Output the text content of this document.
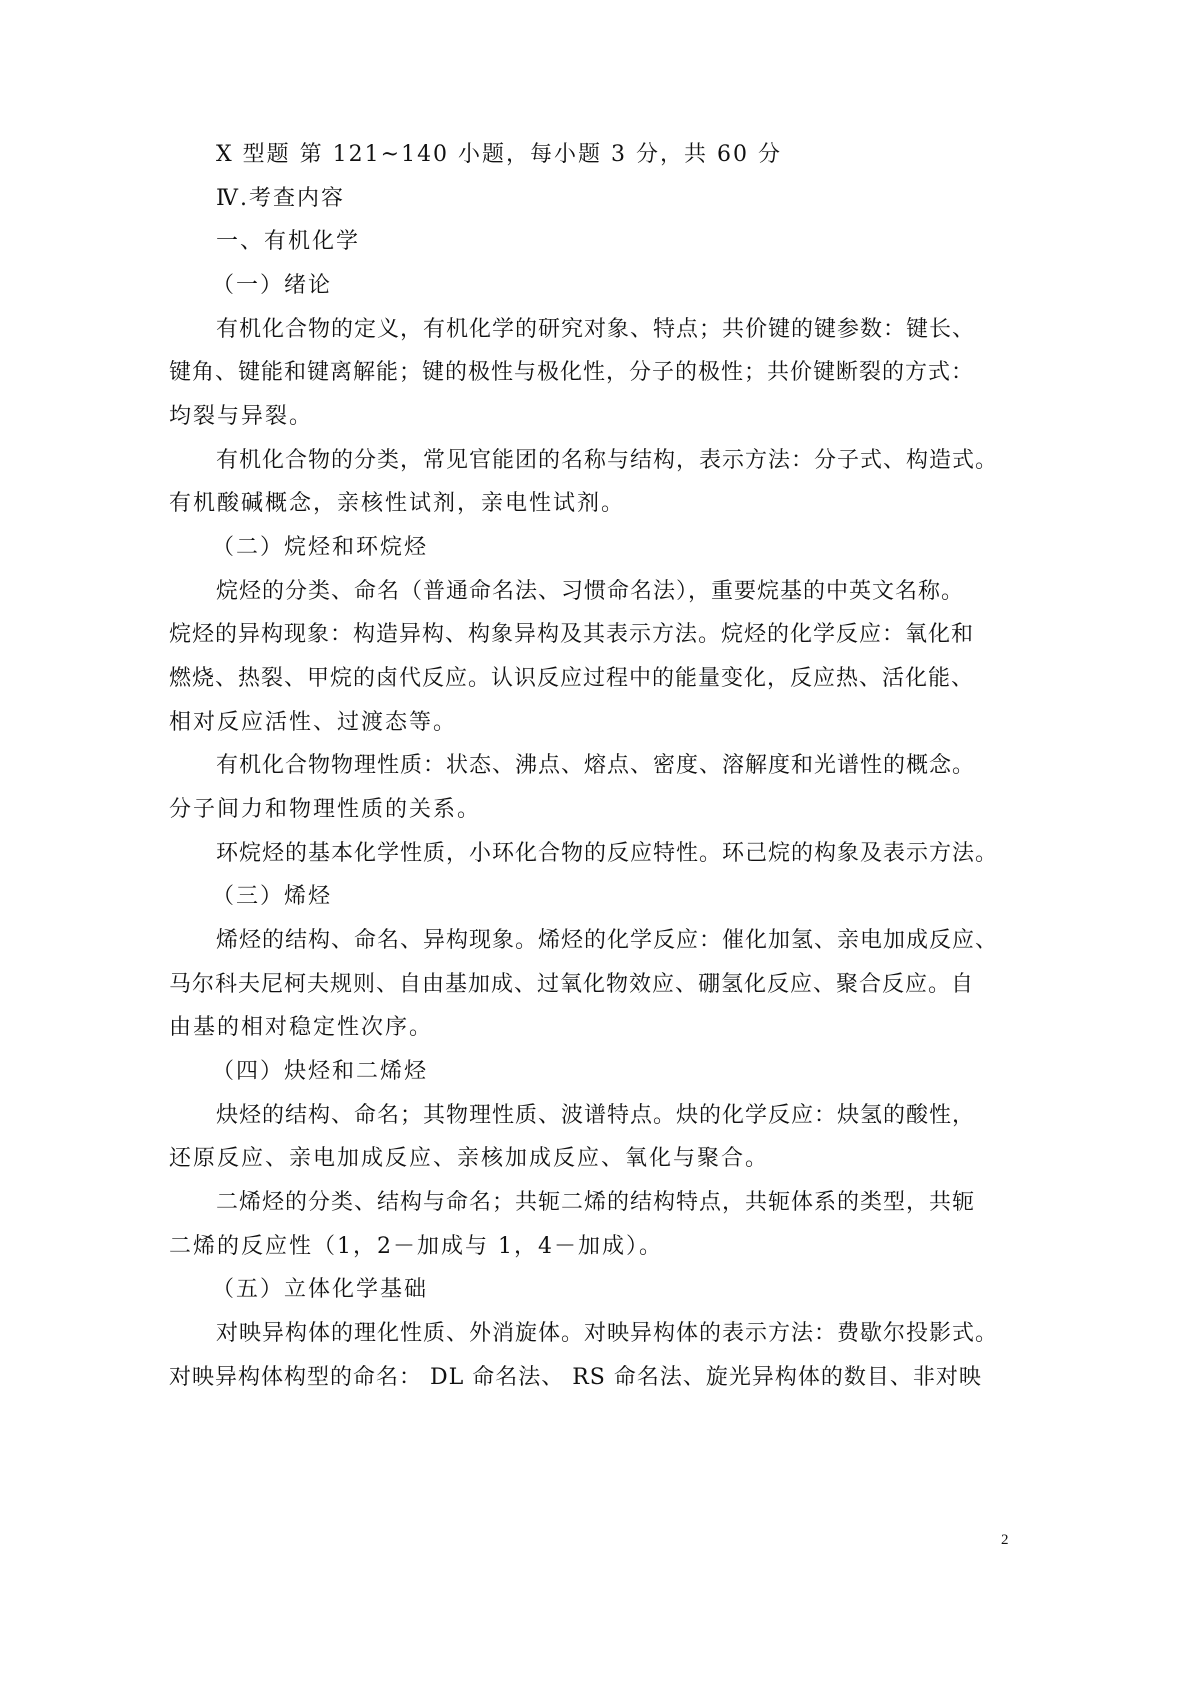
X 型题 第 121~140 小题，每小题 3 分，共 60 分
Ⅳ.考查内容
一、有机化学
（一）绪论
有机化合物的定义，有机化学的研究对象、特点；共价键的键参数：键长、
键角、键能和键离解能；键的极性与极化性，分子的极性；共价键断裂的方式：
均裂与异裂。
有机化合物的分类，常见官能团的名称与结构，表示方法：分子式、构造式。
有机酸碱概念，亲核性试剂，亲电性试剂。
（二）烷烃和环烷烃
烷烃的分类、命名（普通命名法、习惯命名法），重要烷基的中英文名称。
烷烃的异构现象：构造异构、构象异构及其表示方法。烷烃的化学反应：氧化和
燃烧、热裂、甲烷的卤代反应。认识反应过程中的能量变化，反应热、活化能、
相对反应活性、过渡态等。
有机化合物物理性质：状态、沸点、熔点、密度、溶解度和光谱性的概念。
分子间力和物理性质的关系。
环烷烃的基本化学性质，小环化合物的反应特性。环己烷的构象及表示方法。
（三）烯烃
烯烃的结构、命名、异构现象。烯烃的化学反应：催化加氢、亲电加成反应、
马尔科夫尼柯夫规则、自由基加成、过氧化物效应、硼氢化反应、聚合反应。自
由基的相对稳定性次序。
（四）炔烃和二烯烃
炔烃的结构、命名；其物理性质、波谱特点。炔的化学反应：炔氢的酸性，
还原反应、亲电加成反应、亲核加成反应、氧化与聚合。
二烯烃的分类、结构与命名；共轭二烯的结构特点，共轭体系的类型，共轭
二烯的反应性（1，2－加成与 1，4－加成）。
（五）立体化学基础
对映异构体的理化性质、外消旋体。对映异构体的表示方法：费歇尔投影式。
对映异构体构型的命名： DL 命名法、 RS 命名法、旋光异构体的数目、非对映
2
